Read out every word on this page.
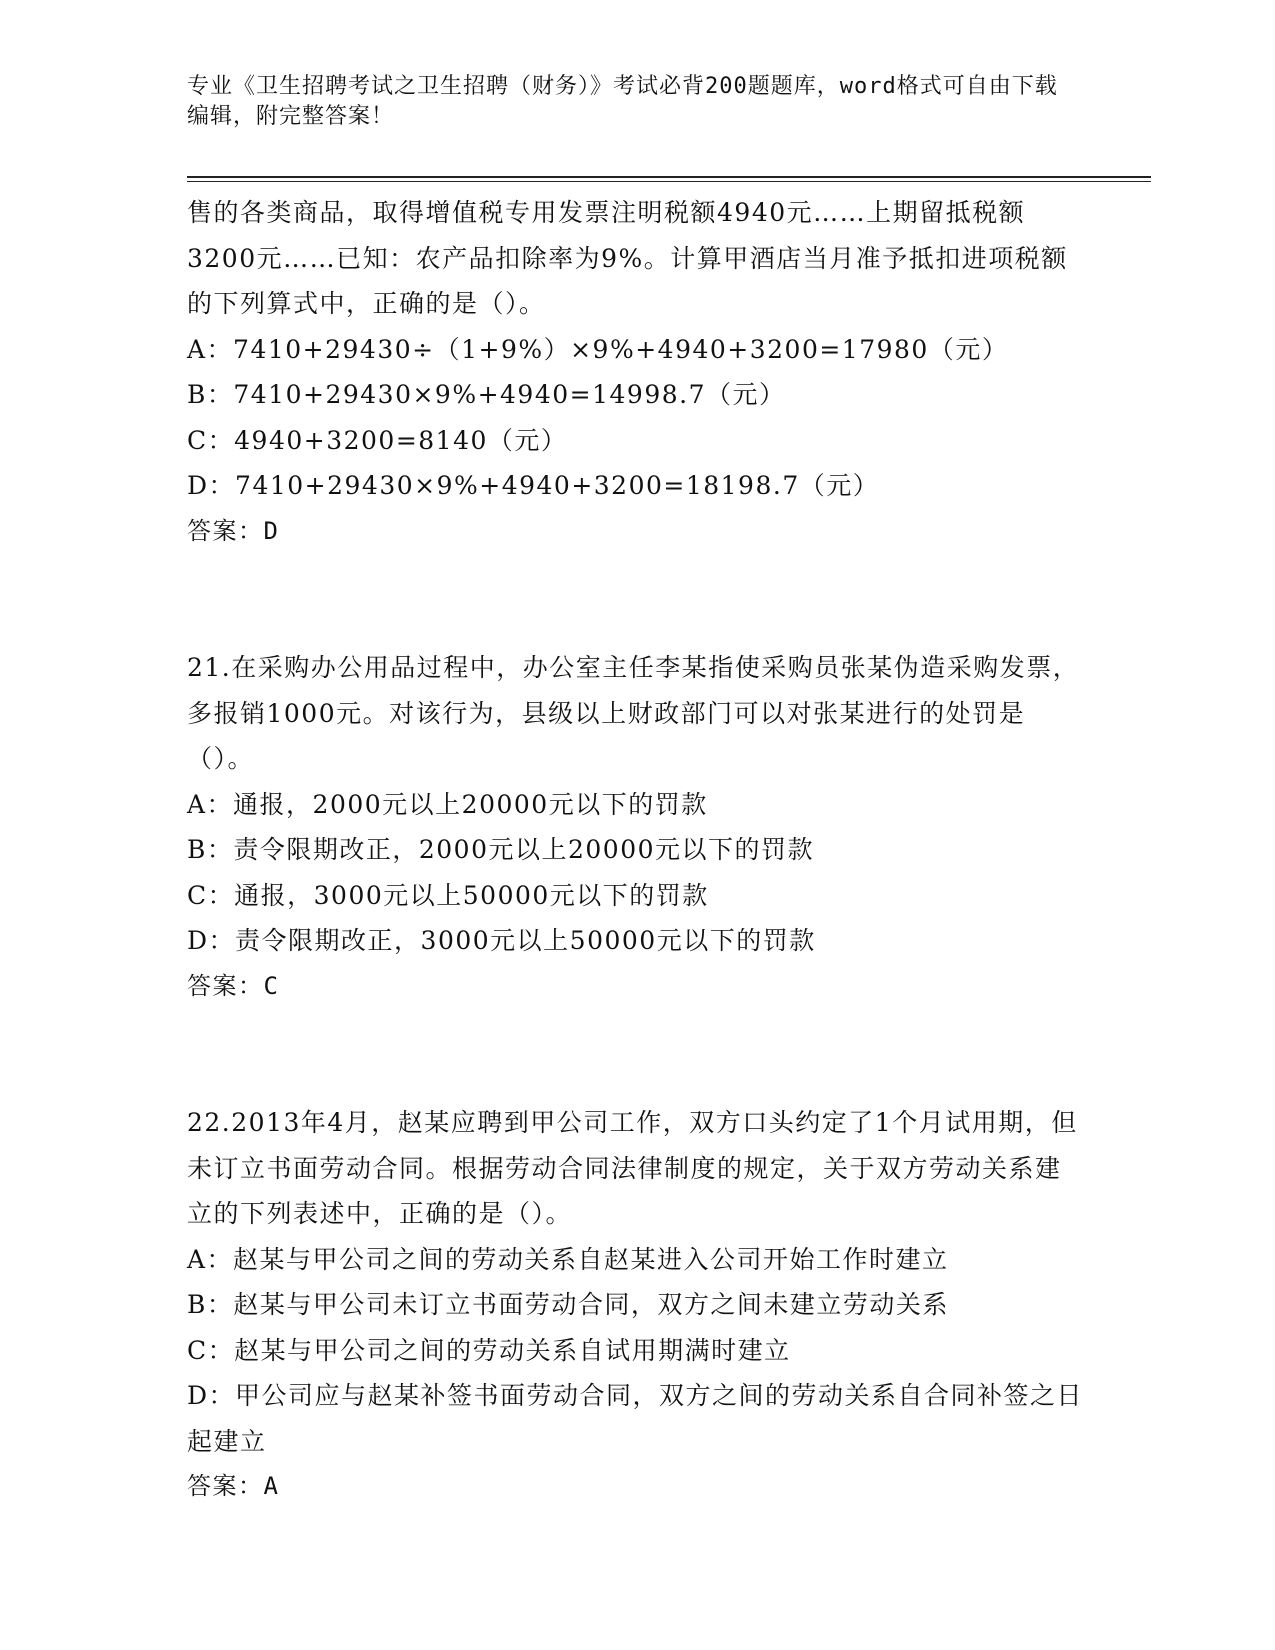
专业《卫生招聘考试之卫生招聘（财务）》考试必背200题题库，word格式可自由下载编辑，附完整答案！

售的各类商品，取得增值税专用发票注明税额4940元……上期留抵税额3200元……已知：农产品扣除率为9%。计算甲酒店当月准予抵扣进项税额的下列算式中，正确的是（）。

A：7410+29430÷（1+9%）×9%+4940+3200=17980（元）

B：7410+29430×9%+4940=14998.7（元）

C：4940+3200=8140（元）

D：7410+29430×9%+4940+3200=18198.7（元）

答案：D

21.在采购办公用品过程中，办公室主任李某指使采购员张某伪造采购发票，多报销1000元。对该行为，县级以上财政部门可以对张某进行的处罚是（）。

A：通报，2000元以上20000元以下的罚款

B：责令限期改正，2000元以上20000元以下的罚款

C：通报，3000元以上50000元以下的罚款

D：责令限期改正，3000元以上50000元以下的罚款

答案：C

22.2013年4月，赵某应聘到甲公司工作，双方口头约定了1个月试用期，但未订立书面劳动合同。根据劳动合同法律制度的规定，关于双方劳动关系建立的下列表述中，正确的是（）。

A：赵某与甲公司之间的劳动关系自赵某进入公司开始工作时建立

B：赵某与甲公司未订立书面劳动合同，双方之间未建立劳动关系

C：赵某与甲公司之间的劳动关系自试用期满时建立

D：甲公司应与赵某补签书面劳动合同，双方之间的劳动关系自合同补签之日起建立

答案：A
